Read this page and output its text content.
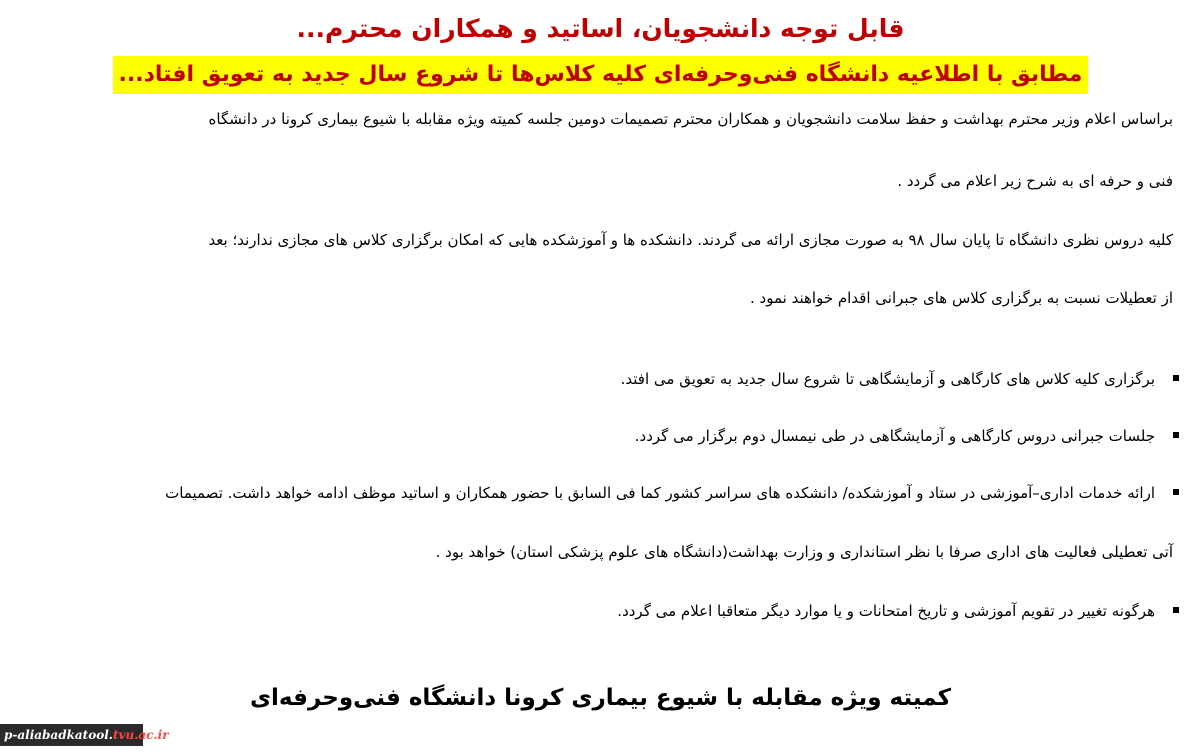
قابل توجه دانشجویان، اساتید و همکاران محترم...
مطابق با اطلاعیه دانشگاه فنی‌وحرفه‌ای کلیه کلاس‌ها تا شروع سال جدید به تعویق افتاد...
براساس اعلام وزیر محترم بهداشت و حفظ سلامت دانشجویان و همکاران محترم تصمیمات دومین جلسه کمیته ویژه مقابله با شیوع بیماری کرونا در دانشگاه
فنی و حرفه ای به شرح زیر اعلام می گردد .
کلیه دروس نظری دانشگاه تا پایان سال ۹۸ به صورت مجازی ارائه می گردند. دانشکده ها و آموزشکده هایی که امکان برگزاری کلاس های مجازی ندارند؛ بعد
از تعطیلات نسبت به برگزاری کلاس های جبرانی اقدام خواهند نمود .
برگزاری کلیه کلاس های کارگاهی و آزمایشگاهی تا شروع سال جدید به تعویق می افتد.
جلسات جبرانی دروس کارگاهی و آزمایشگاهی در طی نیمسال دوم برگزار می گردد.
ارائه خدمات اداری–آموزشی در ستاد و آموزشکده/ دانشکده های سراسر کشور کما فی السابق با حضور همکاران و اساتید موظف ادامه خواهد داشت. تصمیمات
آتی تعطیلی فعالیت های اداری صرفا با نظر استانداری و وزارت بهداشت(دانشگاه های علوم پزشکی استان) خواهد بود .
هرگونه تغییر در تقویم آموزشی و تاریخ امتحانات و یا موارد دیگر متعاقبا اعلام می گردد.
کمیته ویژه مقابله با شیوع بیماری کرونا دانشگاه فنی‌وحرفه‌ای
p-aliabadkatool.tvu.ac.ir
